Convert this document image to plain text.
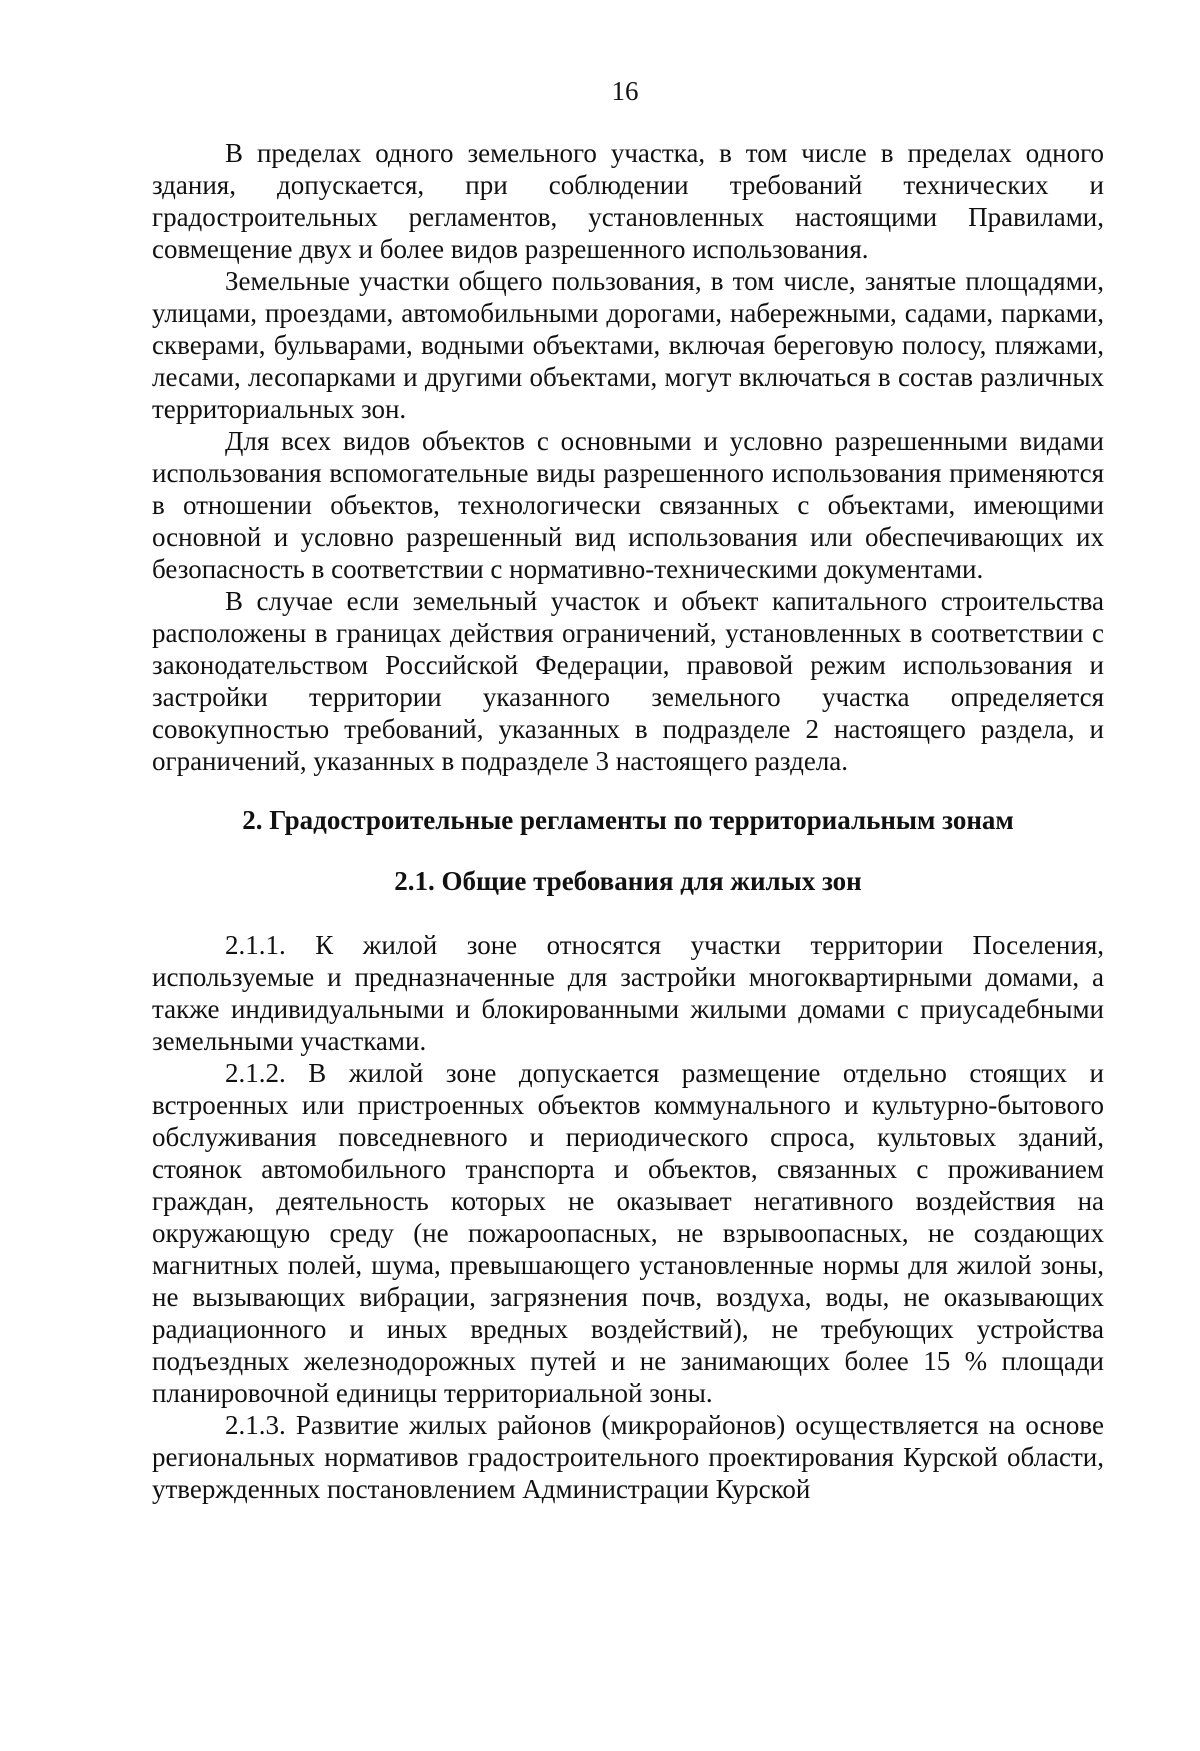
16

В пределах одного земельного участка, в том числе в пределах одного здания, допускается, при соблюдении требований технических и градостроительных регламентов, установленных настоящими Правилами, совмещение двух и более видов разрешенного использования.

Земельные участки общего пользования, в том числе, занятые площадями, улицами, проездами, автомобильными дорогами, набережными, садами, парками, скверами, бульварами, водными объектами, включая береговую полосу, пляжами, лесами, лесопарками и другими объектами, могут включаться в состав различных территориальных зон.

Для всех видов объектов с основными и условно разрешенными видами использования вспомогательные виды разрешенного использования применяются в отношении объектов, технологически связанных с объектами, имеющими основной и условно разрешенный вид использования или обеспечивающих их безопасность в соответствии с нормативно-техническими документами.

В случае если земельный участок и объект капитального строительства расположены в границах действия ограничений, установленных в соответствии с законодательством Российской Федерации, правовой режим использования и застройки территории указанного земельного участка определяется совокупностью требований, указанных в подразделе 2 настоящего раздела, и ограничений, указанных в подразделе 3 настоящего раздела.

2. Градостроительные регламенты по территориальным зонам
2.1. Общие требования для жилых зон

2.1.1. К жилой зоне относятся участки территории Поселения, используемые и предназначенные для застройки многоквартирными домами, а также индивидуальными и блокированными жилыми домами с приусадебными земельными участками.

2.1.2. В жилой зоне допускается размещение отдельно стоящих и встроенных или пристроенных объектов коммунального и культурно-бытового обслуживания повседневного и периодического спроса, культовых зданий, стоянок автомобильного транспорта и объектов, связанных с проживанием граждан, деятельность которых не оказывает негативного воздействия на окружающую среду (не пожароопасных, не взрывоопасных, не создающих магнитных полей, шума, превышающего установленные нормы для жилой зоны, не вызывающих вибрации, загрязнения почв, воздуха, воды, не оказывающих радиационного и иных вредных воздействий), не требующих устройства подъездных железнодорожных путей и не занимающих более 15 % площади планировочной единицы территориальной зоны.

2.1.3. Развитие жилых районов (микрорайонов) осуществляется на основе региональных нормативов градостроительного проектирования Курской области, утвержденных постановлением Администрации Курской
